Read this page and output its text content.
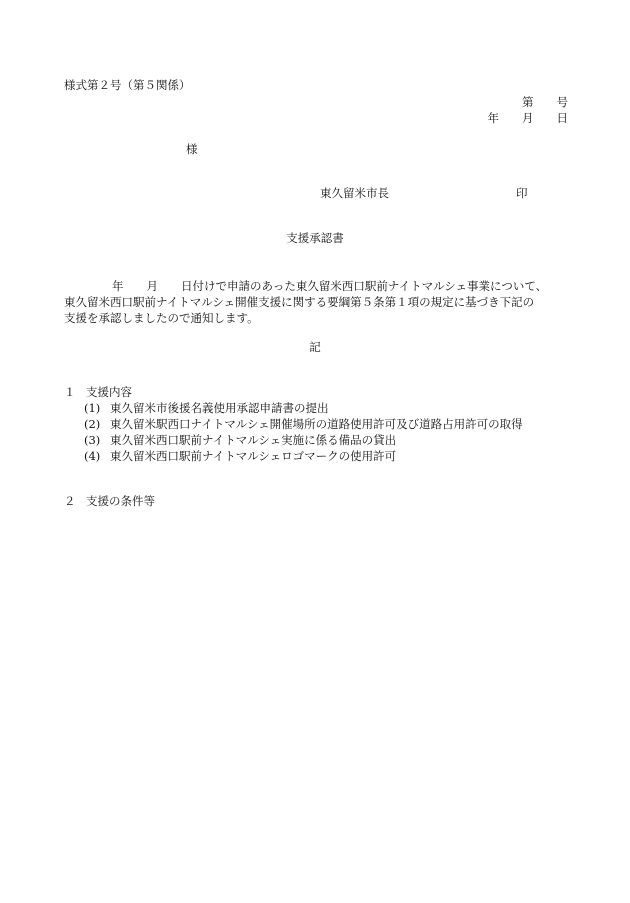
様式第２号（第５関係）
第　　号
年　　月　　日
様
東久留米市長	印
支援承認書
年　　月　　日付けで申請のあった東久留米西口駅前ナイトマルシェ事業について、
東久留米西口駅前ナイトマルシェ開催支援に関する要綱第５条第１項の規定に基づき下記の
支援を承認しましたので通知します。
記
１ 支援内容
(1) 東久留米市後援名義使用承認申請書の提出
(2) 東久留米駅西口ナイトマルシェ開催場所の道路使用許可及び道路占用許可の取得
(3) 東久留米西口駅前ナイトマルシェ実施に係る備品の貸出
(4) 東久留米西口駅前ナイトマルシェロゴマークの使用許可
２ 支援の条件等
